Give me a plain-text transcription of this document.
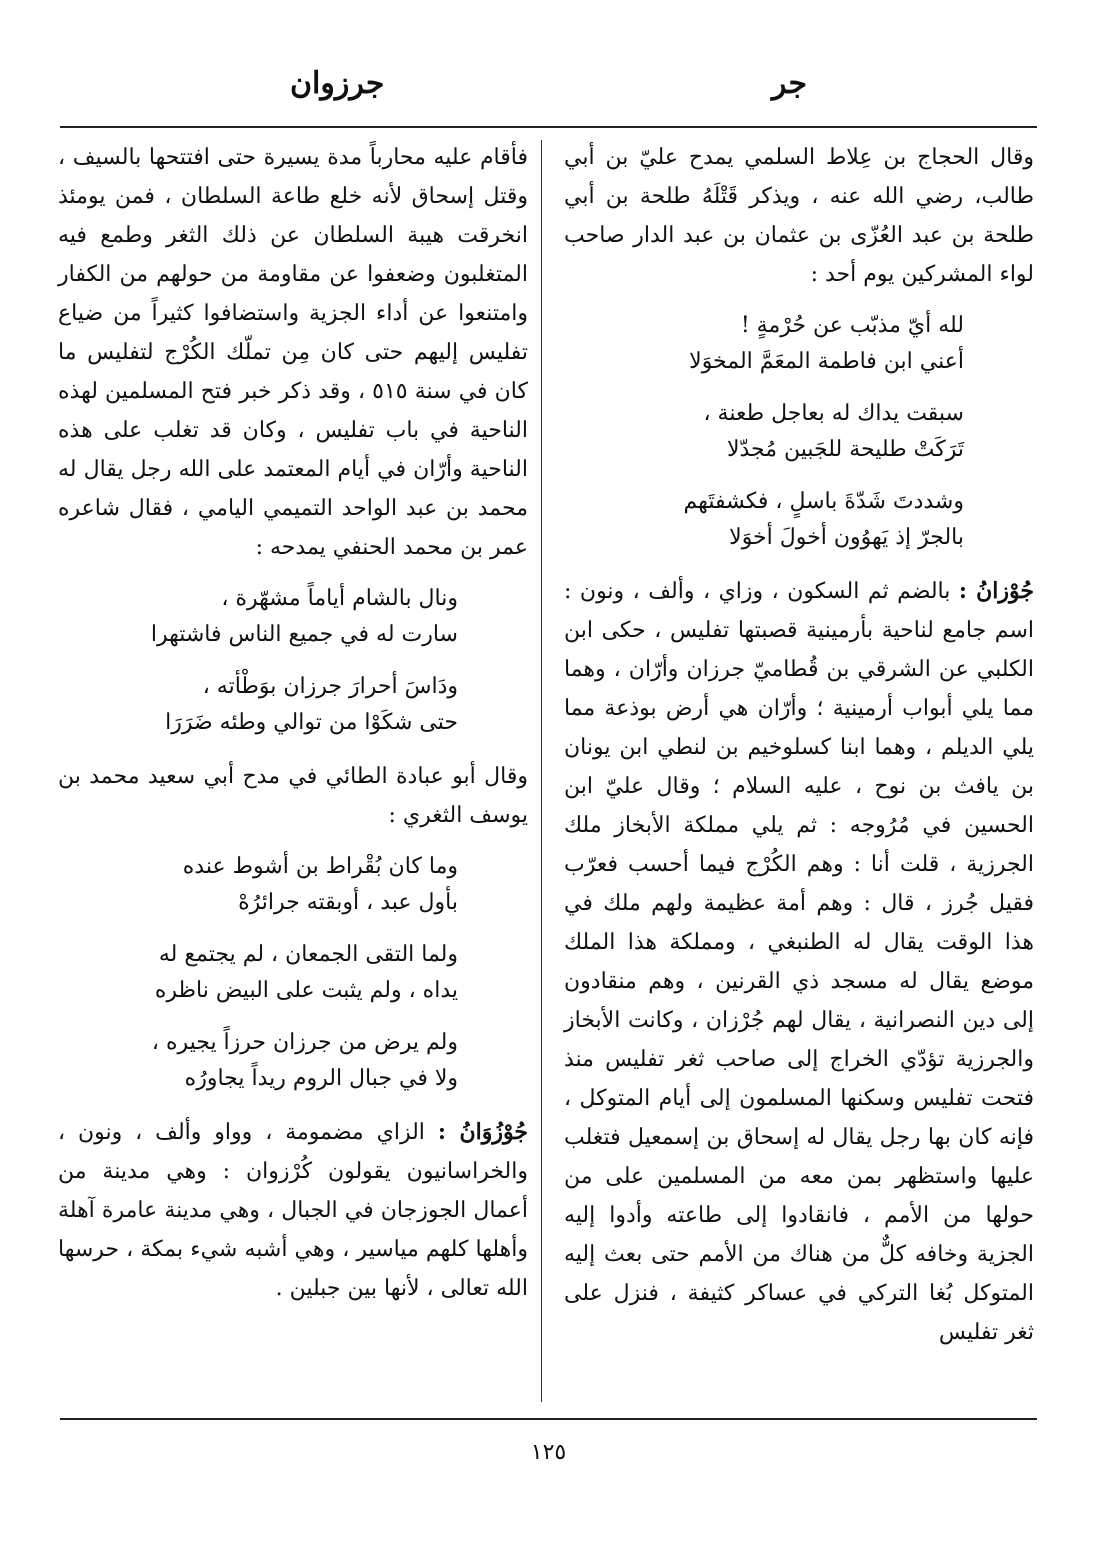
جر
جرزوان

وقال الحجاج بن عِلاط السلمي يمدح عليّ بن أبي طالب، رضي الله عنه ، ويذكر قَتْلَهُ طلحة بن أبي طلحة بن عبد العُزّى بن عثمان بن عبد الدار صاحب لواء المشركين يوم أحد :

لله أيّ مذبّب عن حُرْمةٍ !
أعني ابن فاطمة المعَمَّ المخوَلا
سبقت يداك له بعاجل طعنة ،
تَرَكَتْ طليحة للجَبين مُجدّلا
وشددتَ شَدّةَ باسلٍ ، فكشفتَهم
بالجرّ إذ يَهوُون أخولَ أخوَلا

جُوْزانُ : بالضم ثم السكون ، وزاي ، وألف ، ونون : اسم جامع لناحية بأرمينية قصبتها تفليس ، حكى ابن الكلبي عن الشرقي بن قُطاميّ جرزان وأرّان ، وهما مما يلي أبواب أرمينية ؛ وأرّان هي أرض بوذعة مما يلي الديلم ، وهما ابنا كسلوخيم بن لنطي ابن يونان بن يافث بن نوح ، عليه السلام ؛ وقال عليّ ابن الحسين في مُرُوجه : ثم يلي مملكة الأبخاز ملك الجرزية ، قلت أنا : وهم الكُرْج فيما أحسب فعرّب فقيل جُرز ، قال : وهم أمة عظيمة ولهم ملك في هذا الوقت يقال له الطنبغي ، ومملكة هذا الملك موضع يقال له مسجد ذي القرنين ، وهم منقادون إلى دين النصرانية ، يقال لهم جُرْزان ، وكانت الأبخاز والجرزية تؤدّي الخراج إلى صاحب ثغر تفليس منذ فتحت تفليس وسكنها المسلمون إلى أيام المتوكل ، فإنه كان بها رجل يقال له إسحاق بن إسمعيل فتغلب عليها واستظهر بمن معه من المسلمين على من حولها من الأمم ، فانقادوا إلى طاعته وأدوا إليه الجزية وخافه كلٌّ من هناك من الأمم حتى بعث إليه المتوكل بُغا التركي في عساكر كثيفة ، فنزل على ثغر تفليس

فأقام عليه محارباً مدة يسيرة حتى افتتحها بالسيف ، وقتل إسحاق لأنه خلع طاعة السلطان ، فمن يومئذ انخرقت هيبة السلطان عن ذلك الثغر وطمع فيه المتغلبون وضعفوا عن مقاومة من حولهم من الكفار وامتنعوا عن أداء الجزية واستضافوا كثيراً من ضياع تفليس إليهم حتى كان مِن تملّك الكُرْج لتفليس ما كان في سنة ٥١٥ ، وقد ذكر خبر فتح المسلمين لهذه الناحية في باب تفليس ، وكان قد تغلب على هذه الناحية وأرّان في أيام المعتمد على الله رجل يقال له محمد بن عبد الواحد التميمي اليامي ، فقال شاعره عمر بن محمد الحنفي يمدحه :

ونال بالشام أياماً مشهّرة ،
سارت له في جميع الناس فاشتهرا
ودَاسَ أحرارَ جرزان بوَطْأته ،
حتى شكَوْا من توالي وطئه ضَرَرَا

وقال أبو عبادة الطائي في مدح أبي سعيد محمد بن يوسف الثغري :

وما كان بُقْراط بن أشوط عنده
بأول عبد ، أوبقته جرائرُهْ
ولما التقى الجمعان ، لم يجتمع له
يداه ، ولم يثبت على البيض ناظره
ولم يرض من جرزان حرزاً يجيره ،
ولا في جبال الروم ريداً يجاورُه

جُوْزُوَانُ : الزاي مضمومة ، وواو وألف ، ونون ، والخراسانيون يقولون كُرْزوان : وهي مدينة من أعمال الجوزجان في الجبال ، وهي مدينة عامرة آهلة وأهلها كلهم مياسير ، وهي أشبه شيء بمكة ، حرسها الله تعالى ، لأنها بين جبلين .

١٢٥
